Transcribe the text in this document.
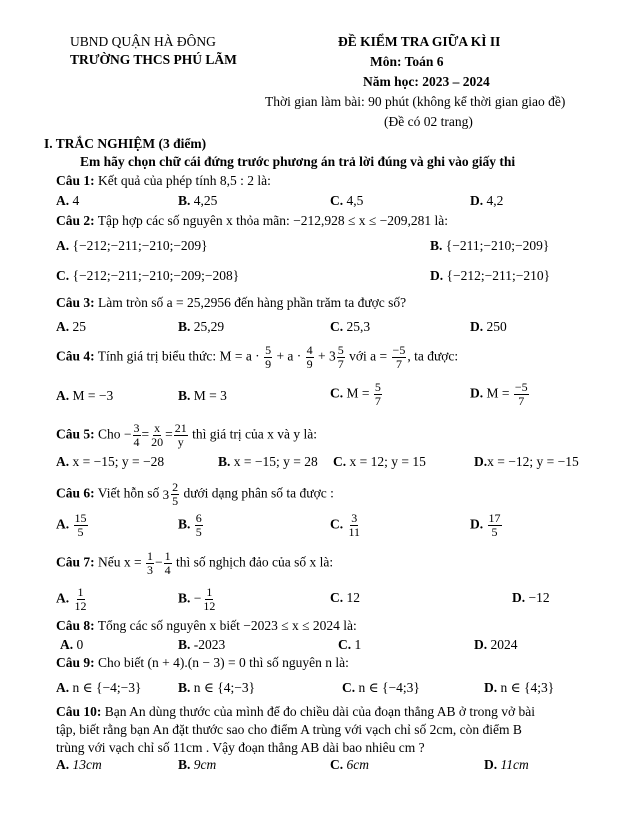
UBND QUẬN HÀ ĐÔNG
TRƯỜNG THCS PHÚ LÃM
ĐỀ KIỂM TRA GIỮA KÌ II
Môn: Toán 6
Năm học: 2023 – 2024
Thời gian làm bài: 90 phút (không kể thời gian giao đề)
(Đề có 02 trang)
I. TRẮC NGHIỆM (3 điểm)
Em hãy chọn chữ cái đứng trước phương án trả lời đúng và ghi vào giấy thi
Câu 1: Kết quả của phép tính 8,5 : 2 là:
A. 4	B. 4,25	C. 4,5	D. 4,2
Câu 2: Tập hợp các số nguyên x thỏa mãn: −212,928 ≤ x ≤ −209,281 là:
A. {−212;−211;−210;−209}	B. {−211;−210;−209}
C. {−212;−211;−210;−209;−208}	D. {−212;−211;−210}
Câu 3: Làm tròn số a = 25,2956 đến hàng phần trăm ta được số?
A. 25	B. 25,29	C. 25,3	D. 250
Câu 4: Tính giá trị biểu thức: $M = a \cdot \frac{5}{9} + a \cdot \frac{4}{9} + 3 \frac{5}{7}$ với $a = \frac{-5}{7}$ , ta được:
A. M = −3	B. M = 3	C. $M = \frac{5}{7}$	D. $M = \frac{-5}{7}$
Câu 5: Cho − $\frac{3}{4} = \frac{x}{20} = \frac{21}{y}$ thì giá trị của x và y là:
A. x = −15; y = −28	B. x = −15; y = 28 C. x = 12; y = 15	D.x = −12; y = −15
Câu 6: Viết hỗn số $3 \frac{2}{5}$ dưới dạng phân số ta được :
A. $\frac{15}{5}$	B. $\frac{6}{5}$	C. $\frac{3}{11}$	D. $\frac{17}{5}$
Câu 7: Nếu $x = \frac{1}{3} - \frac{1}{4}$ thì số nghịch đảo của số x là:
A. $\frac{1}{12}$	B. − $\frac{1}{12}$	C. 12	D. −12
Câu 8: Tổng các số nguyên x biết −2023 ≤ x ≤ 2024 là:
A. 0	B. -2023	C. 1	D. 2024
Câu 9: Cho biết (n + 4).(n − 3) = 0 thì số nguyên n là:
A. n ∈ {−4;−3}	B. n ∈ {4;−3}	C. n ∈ {−4;3}	D. n ∈ {4;3}
Câu 10: Bạn An dùng thước của mình để đo chiều dài của đoạn thẳng AB ở trong vở bài
tập, biết rằng bạn An đặt thước sao cho điểm A trùng với vạch chỉ số 2cm, còn điểm B
trùng với vạch chỉ số 11cm . Vậy đoạn thẳng AB dài bao nhiêu cm ?
A. 13cm	B. 9cm	C. 6cm	D. 11cm
